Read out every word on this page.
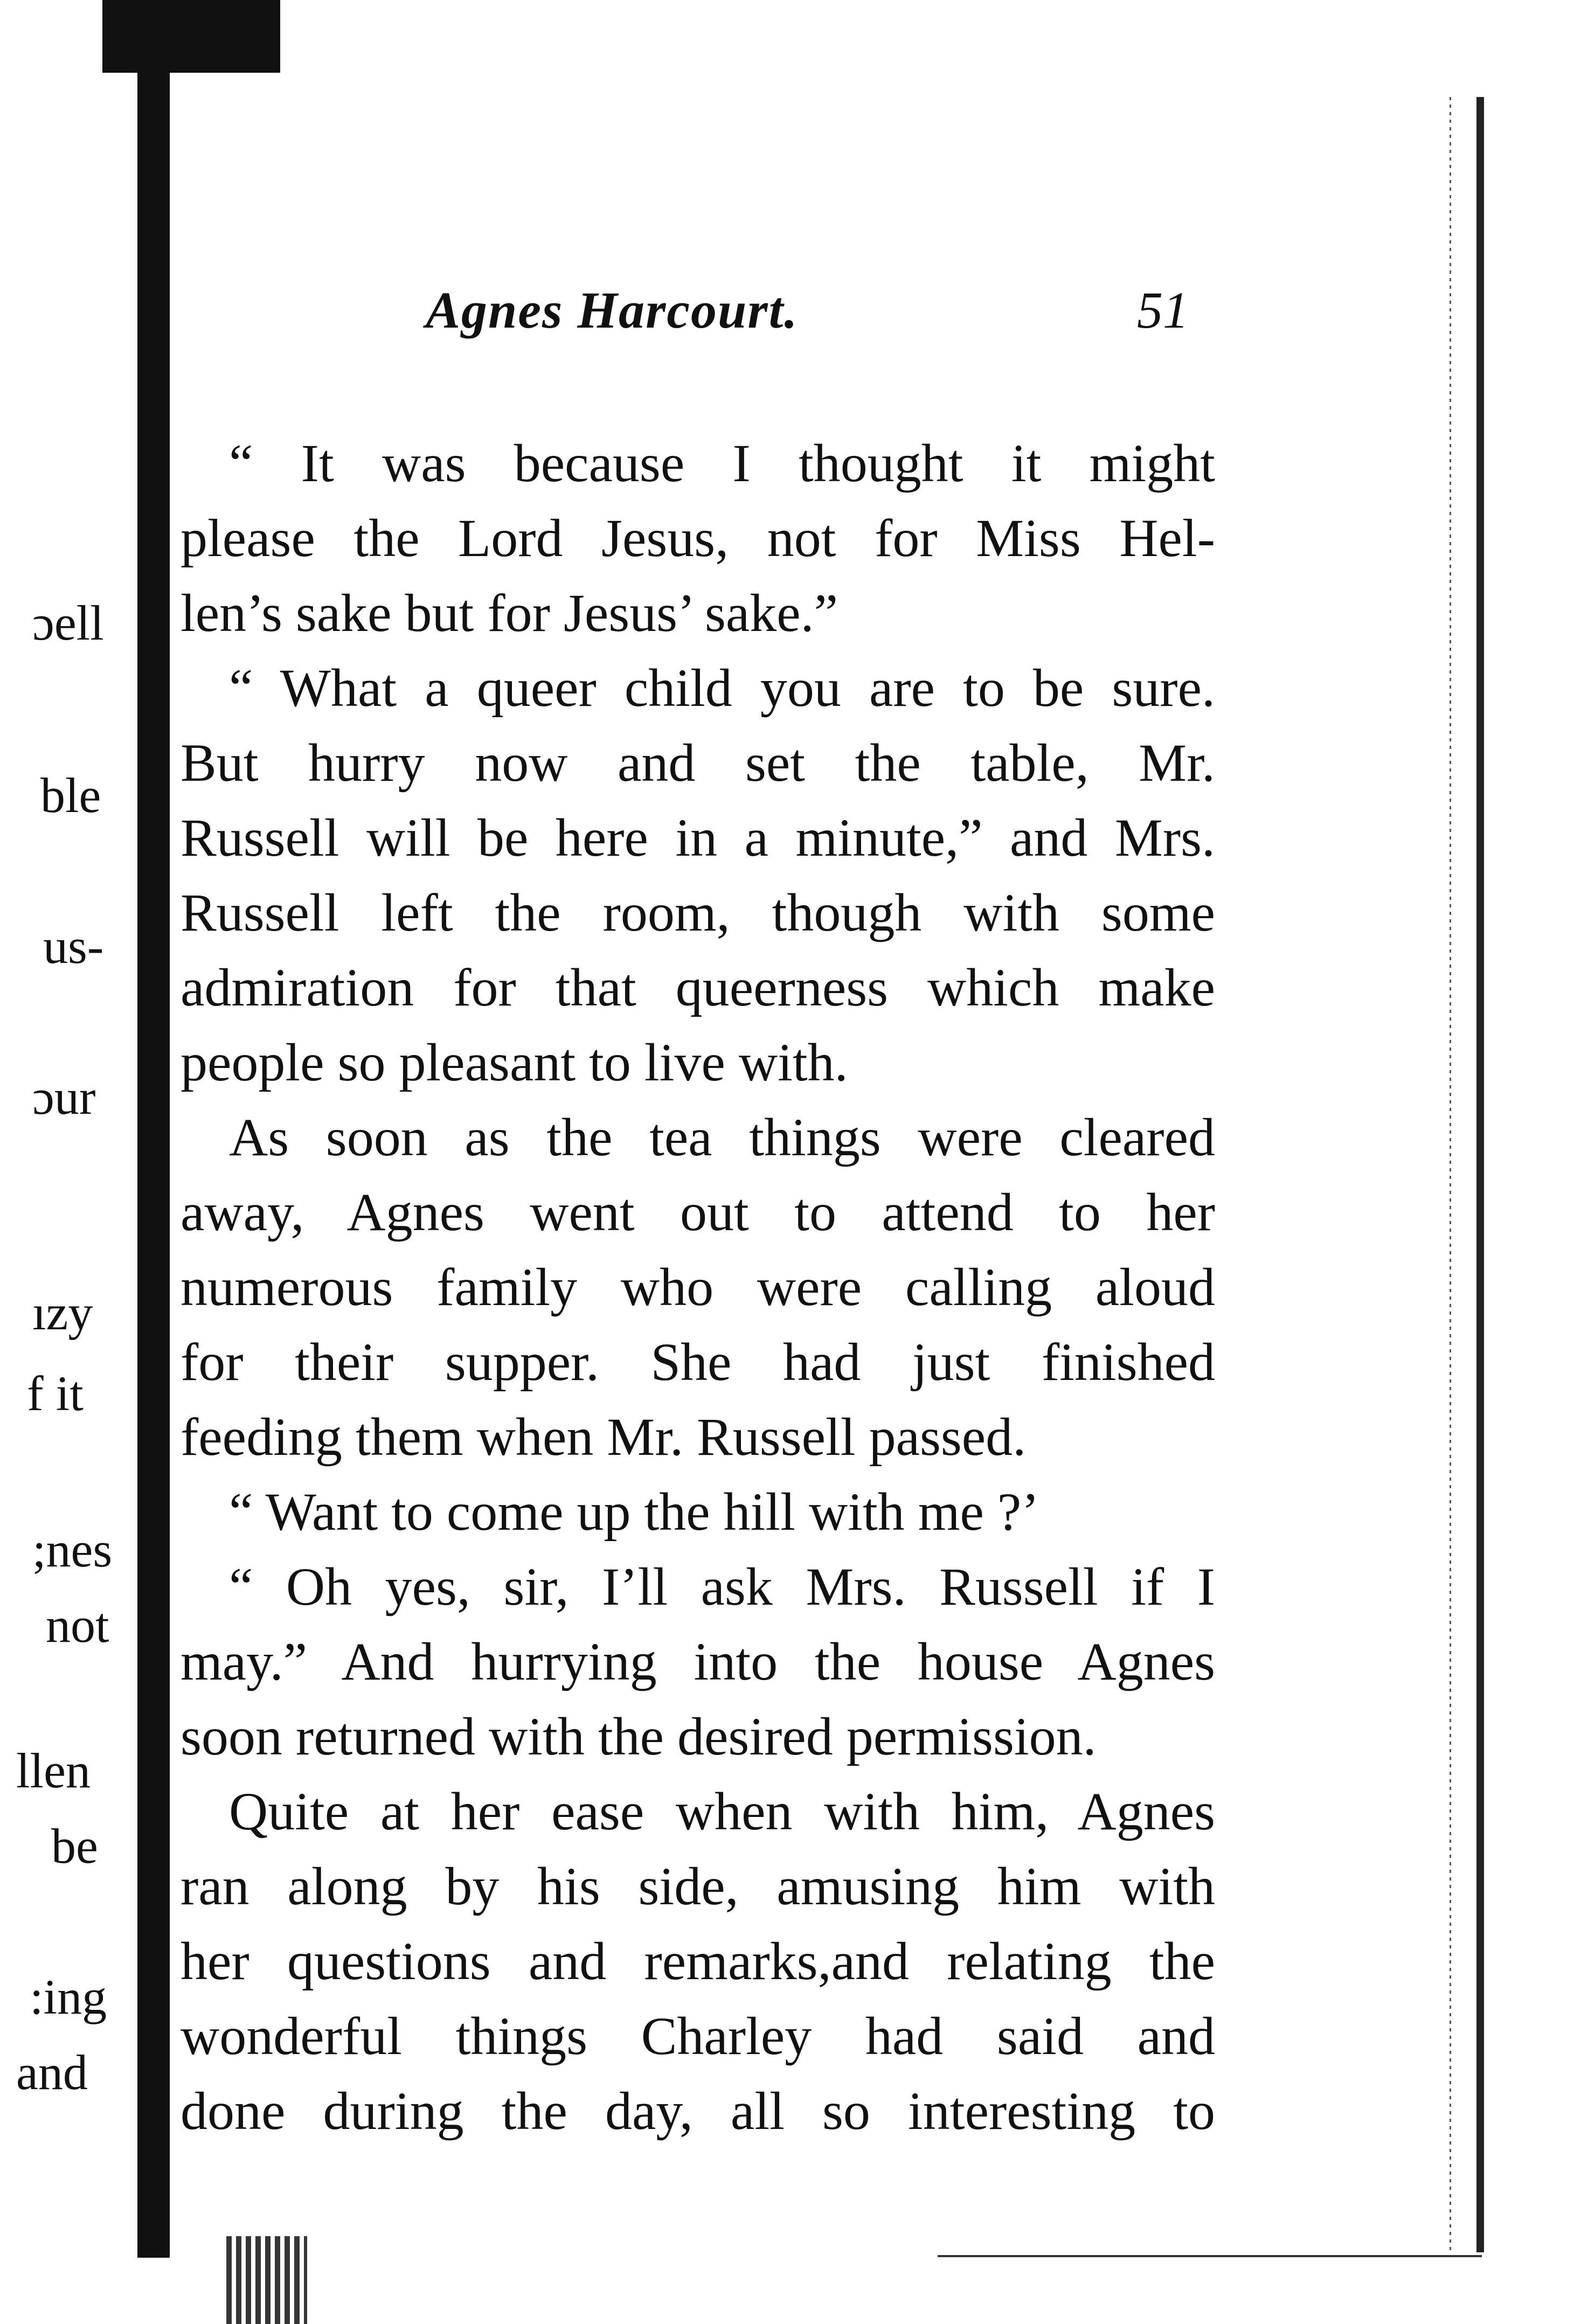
ɔell
ble
us-
ɔur
ızy
f it
;nes
not
llen
be
:ing
and
Agnes Harcourt.	51
“ It was because I thought it might
please the Lord Jesus, not for Miss Hel-
len’s sake but for Jesus’ sake.”
“ What a queer child you are to be sure.
But hurry now and set the table, Mr.
Russell will be here in a minute,” and Mrs.
Russell left the room, though with some
admiration for that queerness which make
people so pleasant to live with.
As soon as the tea things were cleared
away, Agnes went out to attend to her
numerous family who were calling aloud
for their supper. She had just finished
feeding them when Mr. Russell passed.
“ Want to come up the hill with me ?’
“ Oh yes, sir, I’ll ask Mrs. Russell if I
may.” And hurrying into the house Agnes
soon returned with the desired permission.
Quite at her ease when with him, Agnes
ran along by his side, amusing him with
her questions and remarks,and relating the
wonderful things Charley had said and
done during the day, all so interesting to
